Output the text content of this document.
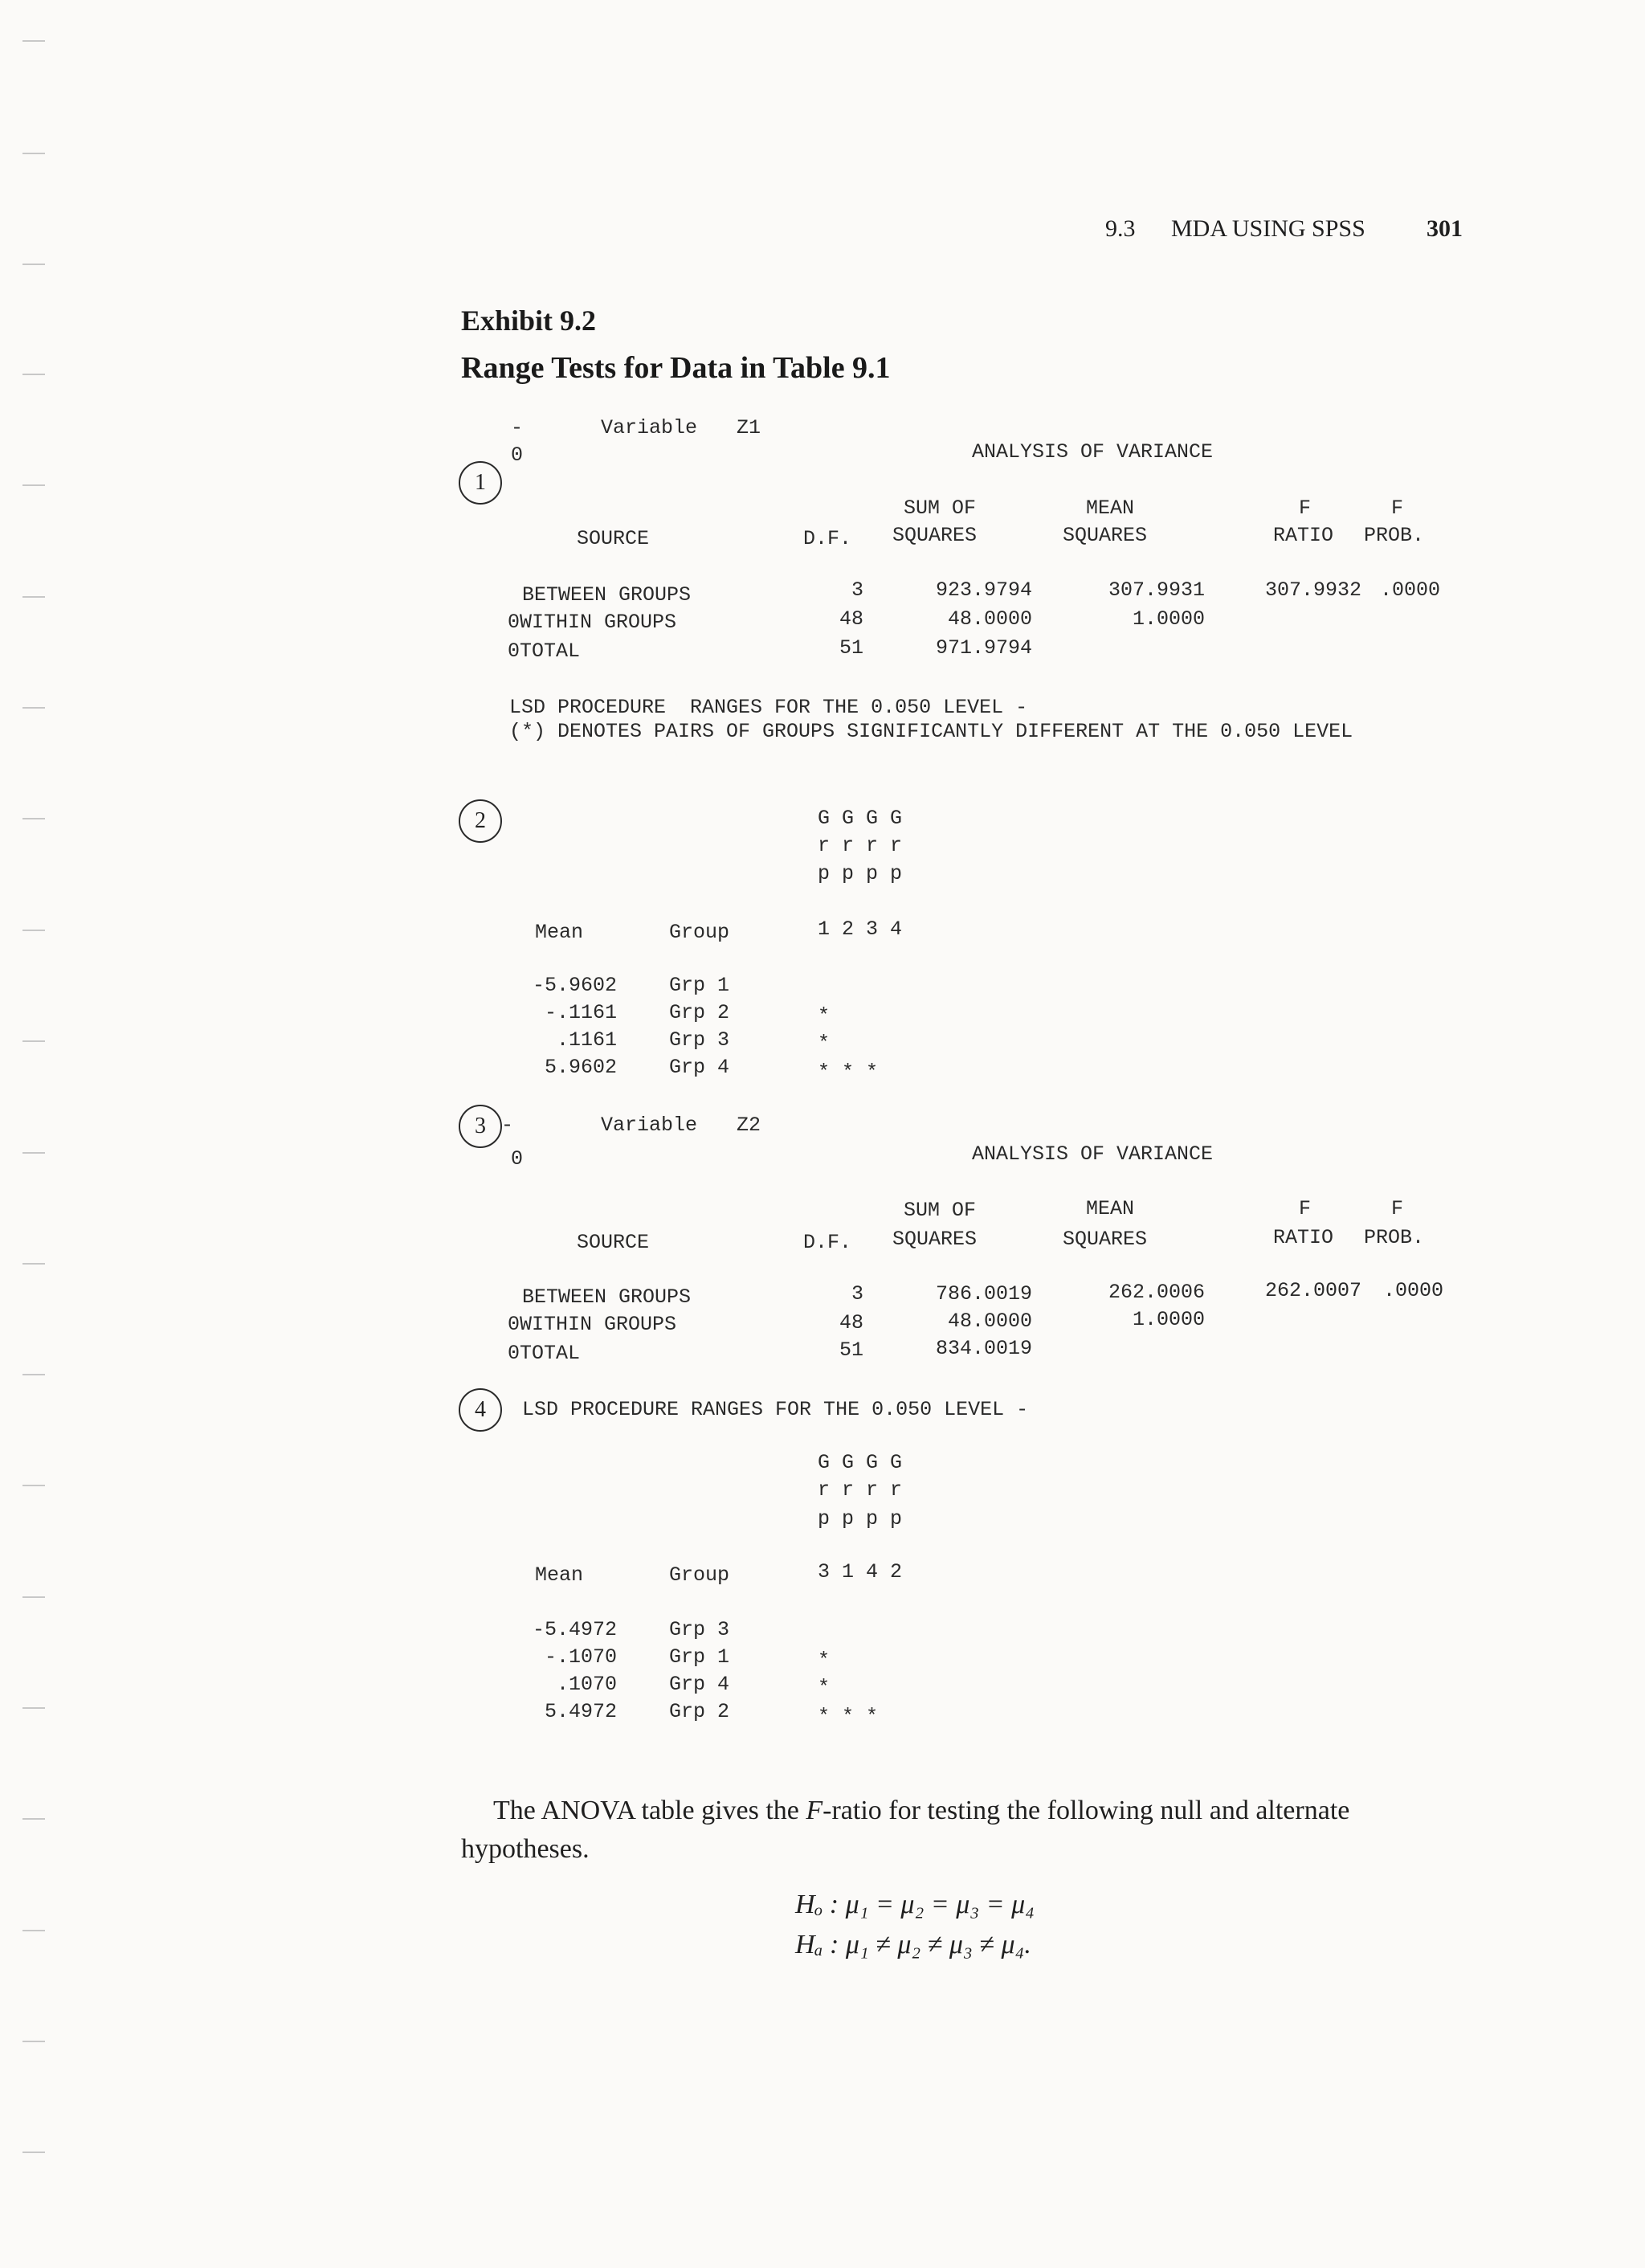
9.3 MDA USING SPSS	301
Exhibit 9.2
Range Tests for Data in Table 9.1
1
-	Variable Z1
0	ANALYSIS OF VARIANCE
SUM OF	MEAN	F	F
SOURCE	D.F. SQUARES	SQUARES	RATIO PROB.
BETWEEN GROUPS	3	923.9794	307.9931	307.9932 .0000
0WITHIN GROUPS	48	48.0000	1.0000
0TOTAL	51	971.9794
LSD PROCEDURE  RANGES FOR THE 0.050 LEVEL -
(*) DENOTES PAIRS OF GROUPS SIGNIFICANTLY DIFFERENT AT THE 0.050 LEVEL
2	G G G G
r r r r
p p p p
Mean	Group	1 2 3 4
-5.9602	Grp 1
-.1161	Grp 2	*
.1161	Grp 3	*
5.9602	Grp 4	* * *
3 -	Variable Z2
0	ANALYSIS OF VARIANCE
SUM OF	MEAN	F	F
SOURCE	D.F. SQUARES	SQUARES	RATIO PROB.
BETWEEN GROUPS	3	786.0019	262.0006	262.0007 .0000
0WITHIN GROUPS	48	48.0000	1.0000
0TOTAL	51	834.0019
4	LSD PROCEDURE RANGES FOR THE 0.050 LEVEL -
G G G G
r r r r
p p p p
Mean	Group	3 1 4 2
-5.4972	Grp 3
-.1070	Grp 1	*
.1070	Grp 4	*
5.4972	Grp 2	* * *

The ANOVA table gives the F-ratio for testing the following null and alternate hypotheses.

Hₒ : μ₁ = μ₂ = μ₃ = μ₄
Hₐ : μ₁ ≠ μ₂ ≠ μ₃ ≠ μ₄.
